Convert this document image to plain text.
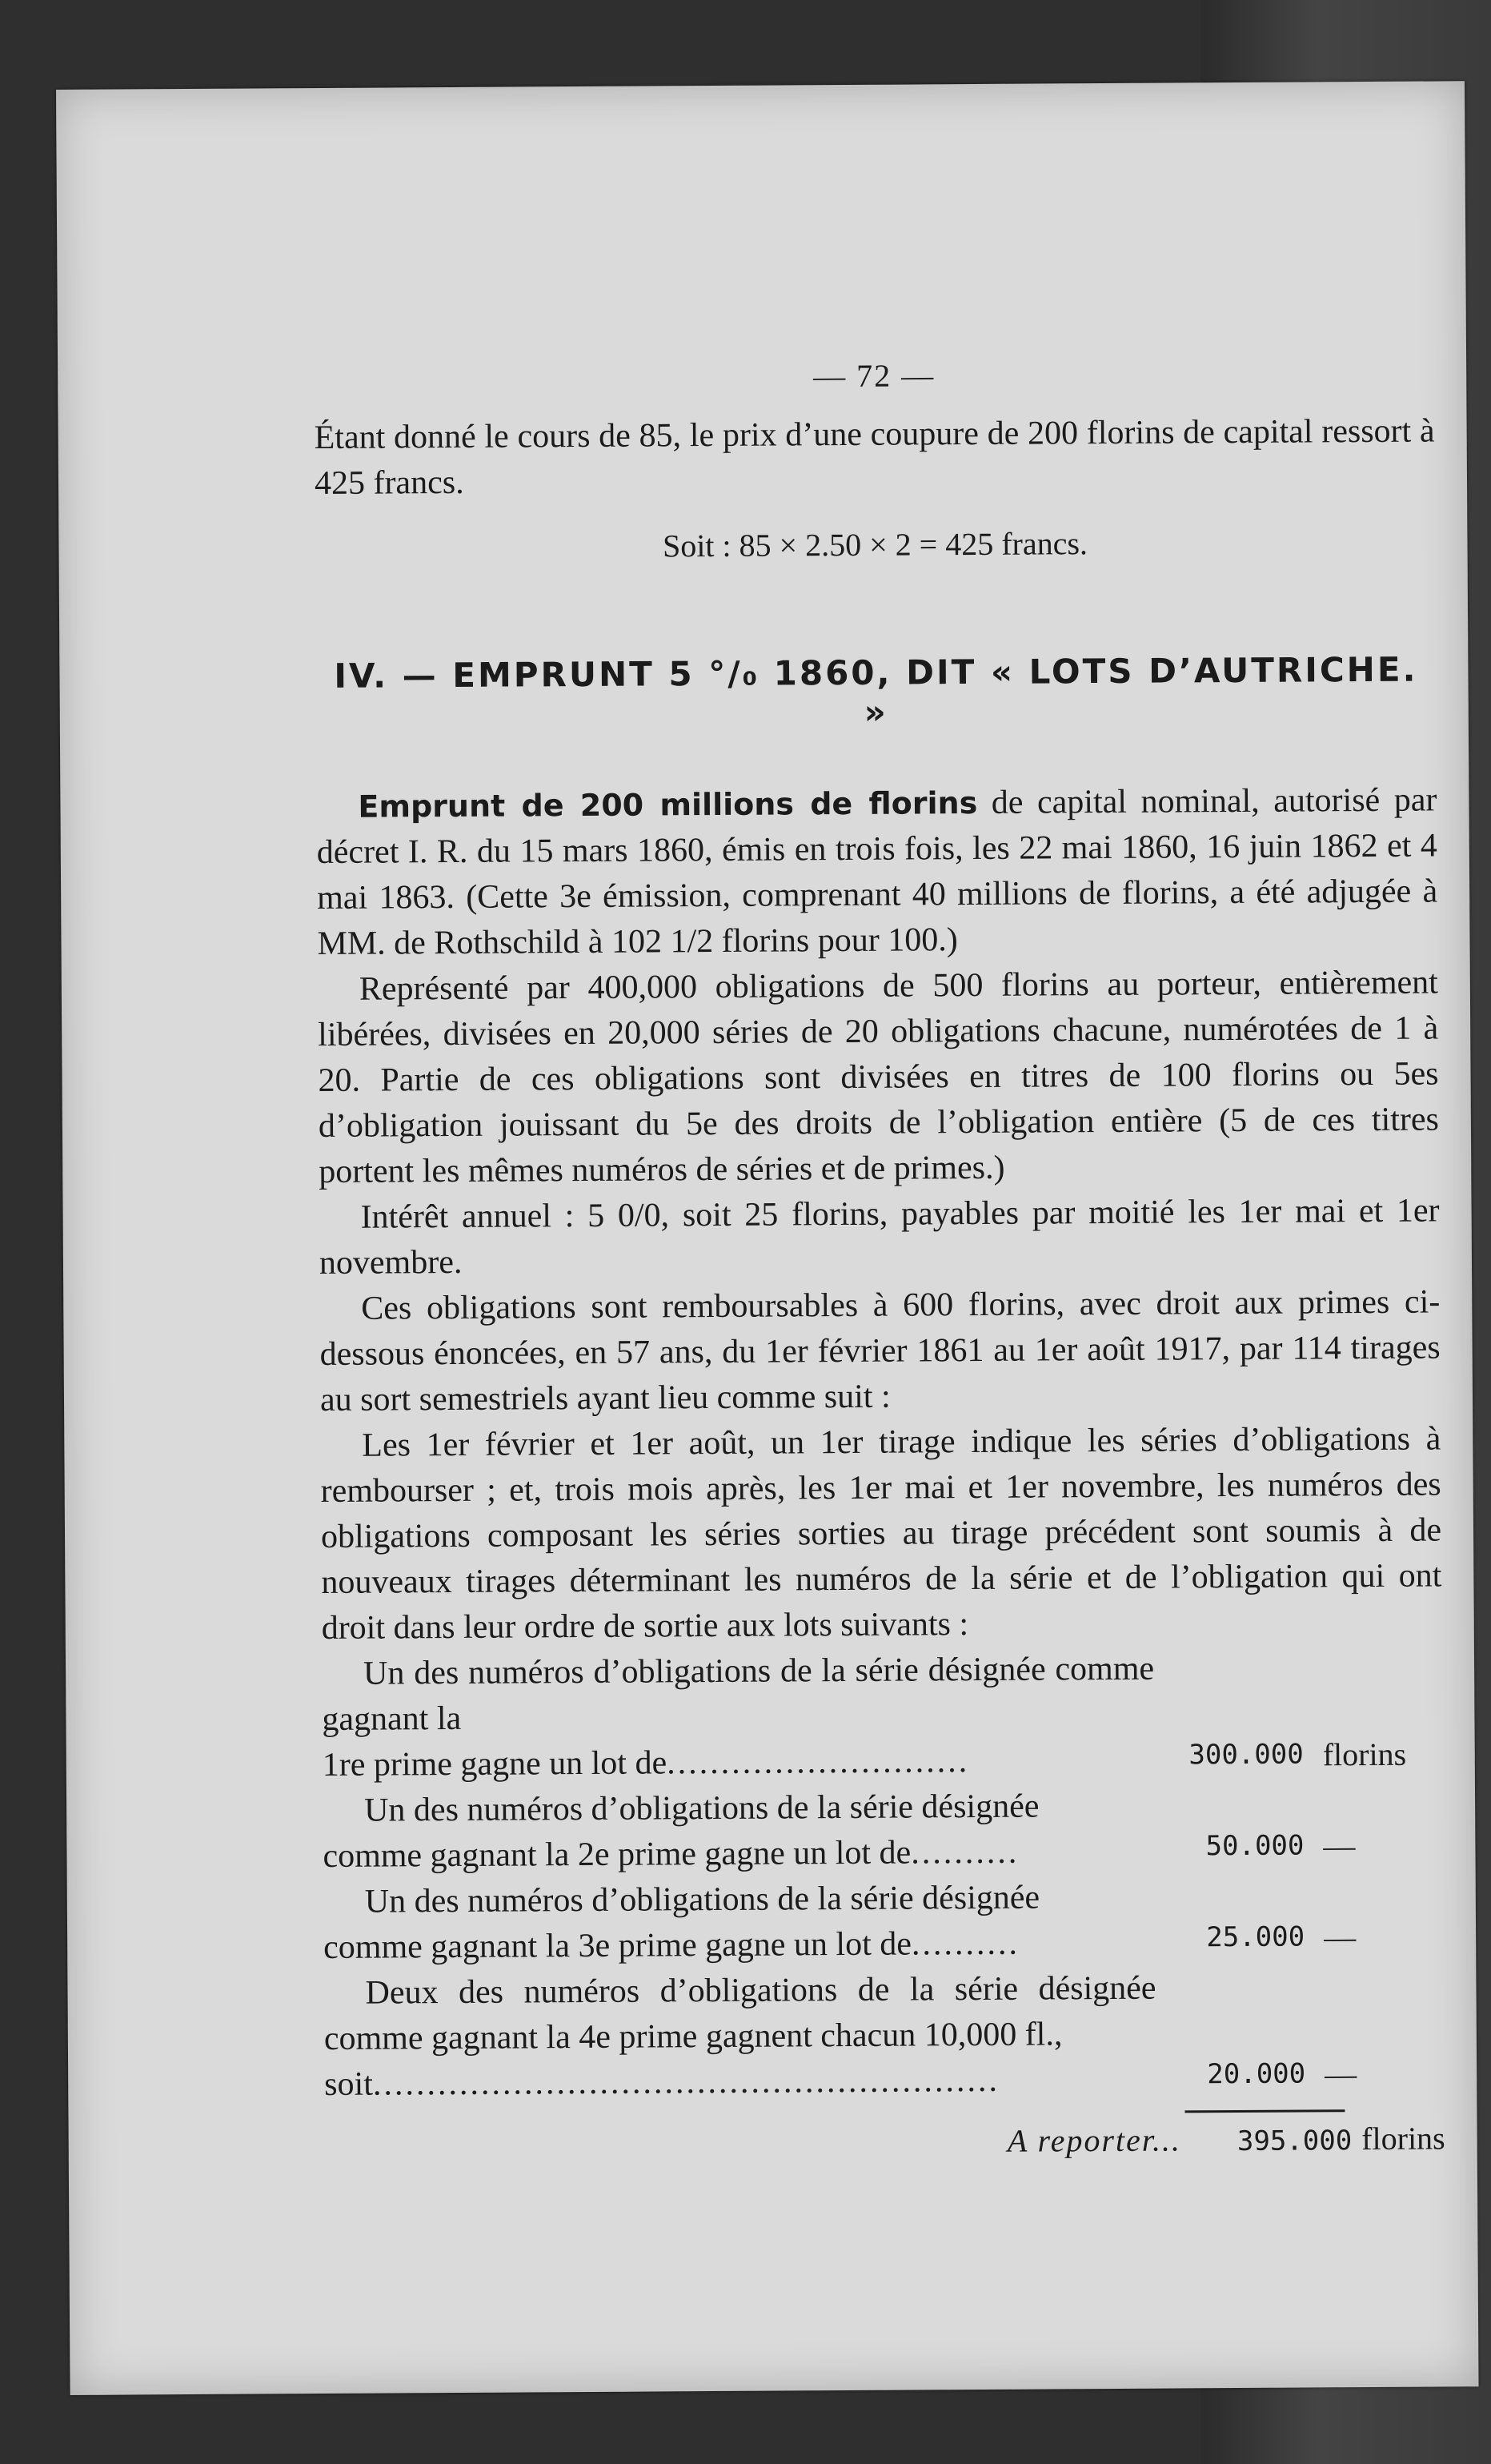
— 72 —

Étant donné le cours de 85, le prix d’une coupure de 200 florins de capital ressort à 425 francs.

Soit : 85 × 2.50 × 2 = 425 francs.

IV. — EMPRUNT 5 °/₀ 1860, DIT « LOTS D’AUTRICHE. »

Emprunt de 200 millions de florins de capital nominal, autorisé par décret I. R. du 15 mars 1860, émis en trois fois, les 22 mai 1860, 16 juin 1862 et 4 mai 1863. (Cette 3e émission, comprenant 40 millions de florins, a été adjugée à MM. de Rothschild à 102 1/2 florins pour 100.)

Représenté par 400,000 obligations de 500 florins au porteur, entièrement libérées, divisées en 20,000 séries de 20 obligations chacune, numérotées de 1 à 20. Partie de ces obligations sont divisées en titres de 100 florins ou 5es d’obligation jouissant du 5e des droits de l’obligation entière (5 de ces titres portent les mêmes numéros de séries et de primes.)

Intérêt annuel : 5 0/0, soit 25 florins, payables par moitié les 1er mai et 1er novembre.

Ces obligations sont remboursables à 600 florins, avec droit aux primes ci-dessous énoncées, en 57 ans, du 1er février 1861 au 1er août 1917, par 114 tirages au sort semestriels ayant lieu comme suit :

Les 1er février et 1er août, un 1er tirage indique les séries d’obligations à rembourser ; et, trois mois après, les 1er mai et 1er novembre, les numéros des obligations composant les séries sorties au tirage précédent sont soumis à de nouveaux tirages déterminant les numéros de la série et de l’obligation qui ont droit dans leur ordre de sortie aux lots suivants :

Un des numéros d’obligations de la série désignée comme gagnant la
1re prime gagne un lot de............................	300.000 florins
Un des numéros d’obligations de la série désignée
comme gagnant la 2e prime gagne un lot de..........	50.000 —
Un des numéros d’obligations de la série désignée
comme gagnant la 3e prime gagne un lot de..........	25.000 —
Deux des numéros d’obligations de la série désignée comme gagnant la 4e prime gagnent chacun 10,000 fl.,
soit..........................................................	20.000 —
A reporter... 395.000 florins
